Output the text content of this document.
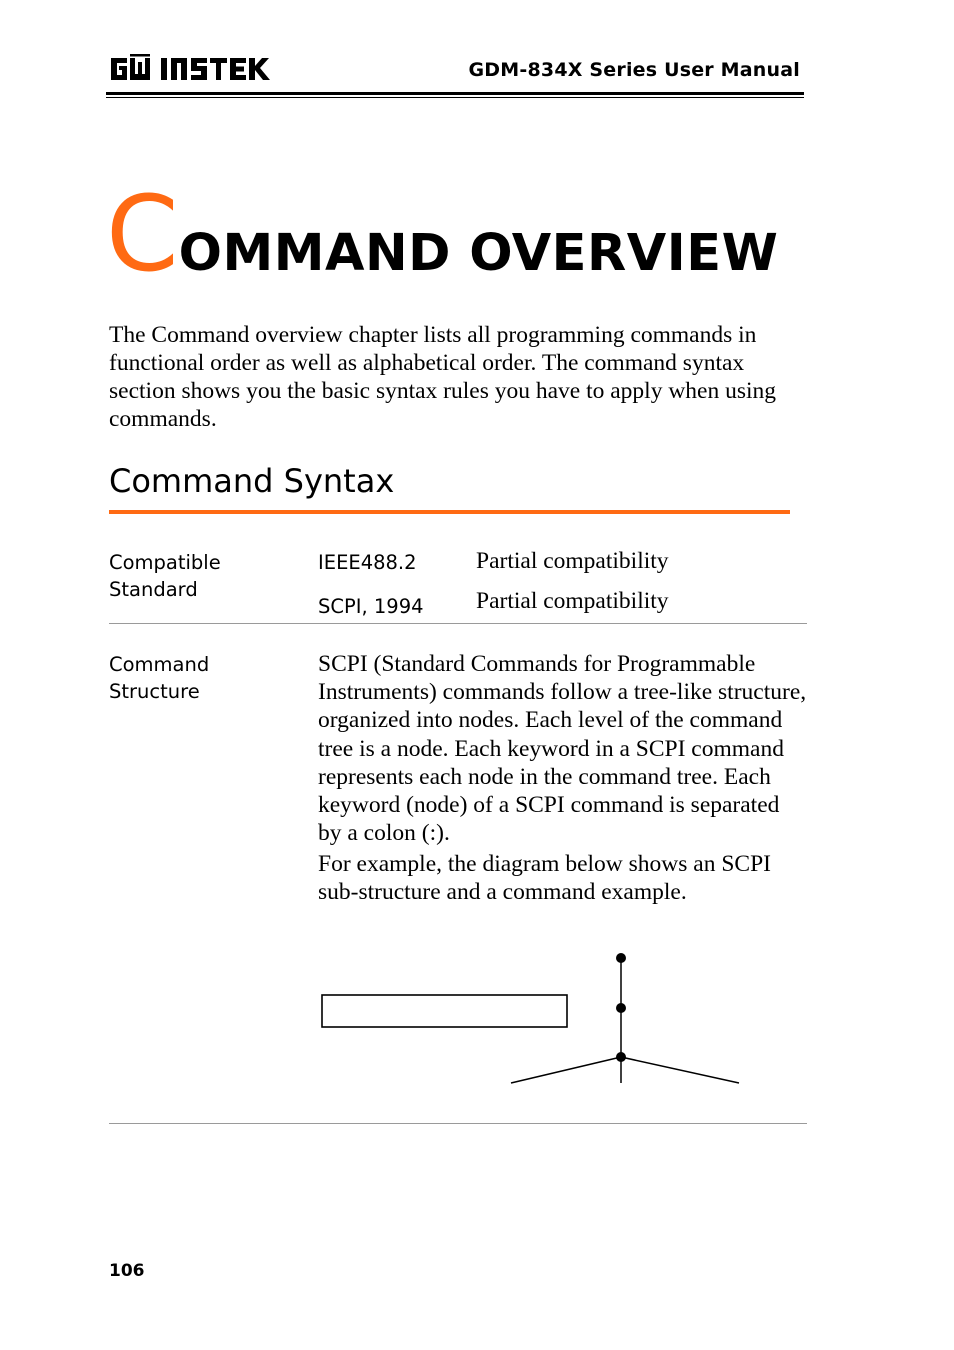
GDM-834X Series User Manual
COMMAND OVERVIEW

The Command overview chapter lists all programming commands in functional order as well as alphabetical order. The command syntax section shows you the basic syntax rules you have to apply when using commands.

Command Syntax
Compatible
Standard
IEEE488.2	Partial compatibility
SCPI, 1994 Partial compatibility
Command
Structure

SCPI (Standard Commands for Programmable Instruments) commands follow a tree-like structure, organized into nodes. Each level of the command tree is a node. Each keyword in a SCPI command represents each node in the command tree. Each keyword (node) of a SCPI command is separated by a colon (:).

For example, the diagram below shows an SCPI sub-structure and a command example.

106
